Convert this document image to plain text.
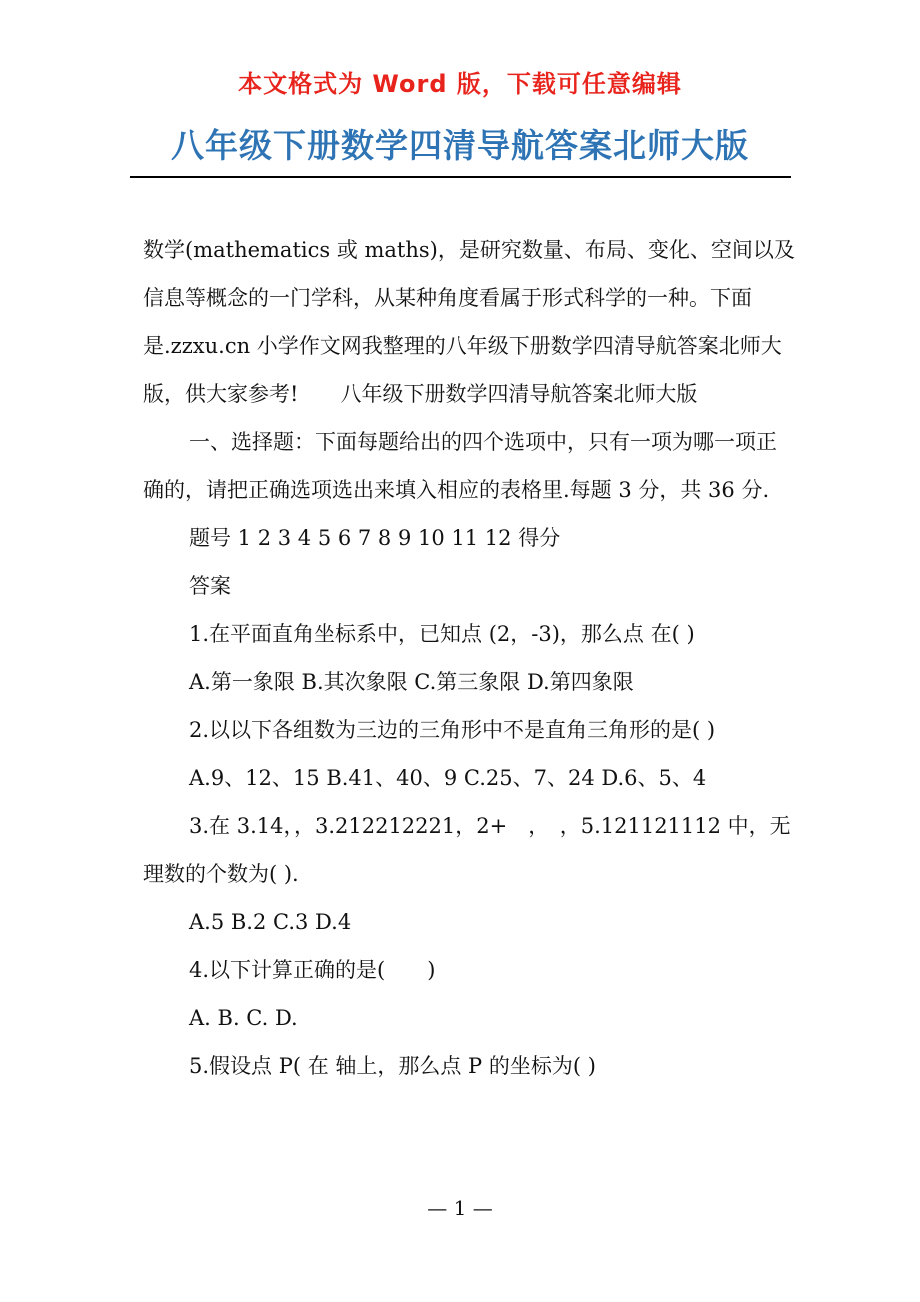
本文格式为 Word 版，下载可任意编辑
八年级下册数学四清导航答案北师大版

数学(mathematics 或 maths)，是研究数量、布局、变化、空间以及信息等概念的一门学科，从某种角度看属于形式科学的一种。下面是.zzxu.cn 小学作文网我整理的八年级下册数学四清导航答案北师大版，供大家参考!　　八年级下册数学四清导航答案北师大版

一、选择题：下面每题给出的四个选项中，只有一项为哪一项正确的，请把正确选项选出来填入相应的表格里.每题 3 分，共 36 分.

题号 1 2 3 4 5 6 7 8 9 10 11 12 得分

答案

1.在平面直角坐标系中，已知点 (2，-3)，那么点 在( )

A.第一象限 B.其次象限 C.第三象限 D.第四象限

2.以以下各组数为三边的三角形中不是直角三角形的是( )

A.9、12、15 B.41、40、9 C.25、7、24 D.6、5、4

3.在 3.14，，3.212212221，2+　，　，5.121121112 中，无理数的个数为( ).

A.5 B.2 C.3 D.4

4.以下计算正确的是(　　)

A. B. C. D.

5.假设点 P( 在 轴上，那么点 P 的坐标为( )

— 1 —
